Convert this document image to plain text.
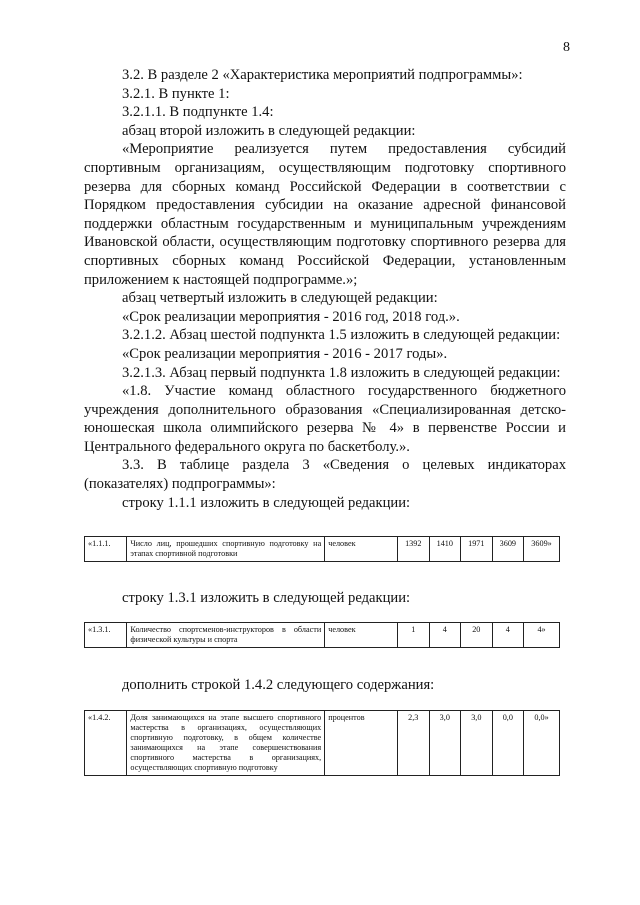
8

3.2. В разделе 2 «Характеристика мероприятий подпрограммы»:

3.2.1. В пункте 1:

3.2.1.1. В подпункте 1.4:

абзац второй изложить в следующей редакции:

«Мероприятие реализуется путем предоставления субсидий спортивным организациям, осуществляющим подготовку спортивного резерва для сборных команд Российской Федерации в соответствии с Порядком предоставления субсидии на оказание адресной финансовой поддержки областным государственным и муниципальным учреждениям Ивановской области, осуществляющим подготовку спортивного резерва для спортивных сборных команд Российской Федерации, установленным приложением к настоящей подпрограмме.»;

абзац четвертый изложить в следующей редакции:

«Срок реализации мероприятия - 2016 год, 2018 год.».

3.2.1.2. Абзац шестой подпункта 1.5 изложить в следующей редакции:

«Срок реализации мероприятия - 2016 - 2017 годы».

3.2.1.3. Абзац первый подпункта 1.8 изложить в следующей редакции:

«1.8. Участие команд областного государственного бюджетного учреждения дополнительного образования «Специализированная детско-юношеская школа олимпийского резерва № 4» в первенстве России и Центрального федерального округа по баскетболу.».

3.3. В таблице раздела 3 «Сведения о целевых индикаторах (показателях) подпрограммы»:

строку 1.1.1 изложить в следующей редакции:

«1.1.1.	Число лиц, прошедших спортивную подготовку на этапах спортивной подготовки	человек	1392	1410	1971	3609	3609»

строку 1.3.1 изложить в следующей редакции:

«1.3.1.	Количество спортсменов-инструкторов в области физической культуры и спорта	человек	1	4	20	4	4»

дополнить строкой 1.4.2 следующего содержания:

«1.4.2.	Доля занимающихся на этапе высшего спортивного мастерства в организациях, осуществляющих спортивную подготовку, в общем количестве занимающихся на этапе совершенствования спортивного мастерства в организациях, осуществляющих спортивную подготовку	процентов	2,3	3,0	3,0	0,0	0,0»
